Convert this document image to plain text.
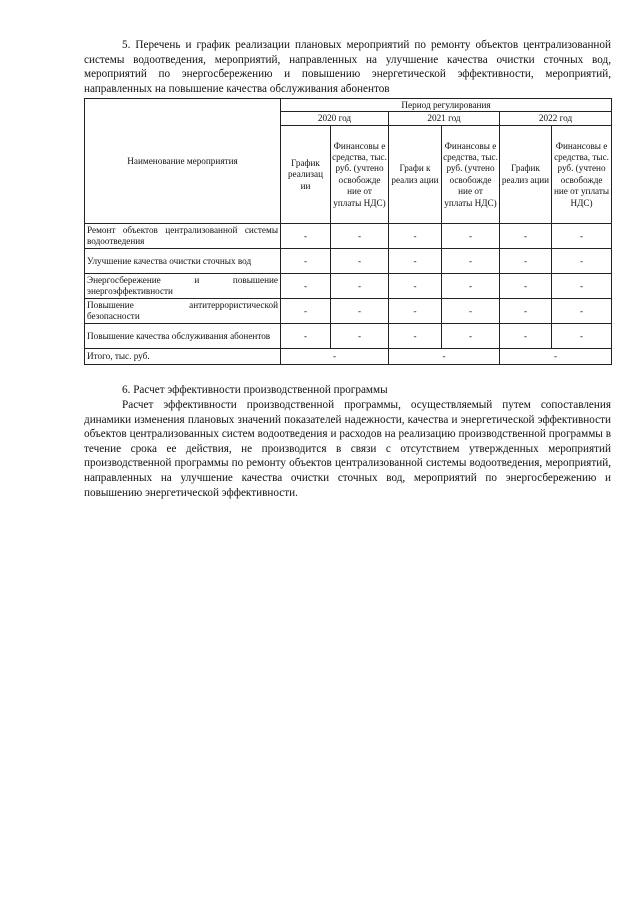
5. Перечень и график реализации плановых мероприятий по ремонту объектов централизованной системы водоотведения, мероприятий, направленных на улучшение качества очистки сточных вод, мероприятий по энергосбережению и повышению энергетической эффективности, мероприятий, направленных на повышение качества обслуживания абонентов

Наименование мероприятия	Период регулирования					
	2020 год		2021 год		2022 год	
	График реализац ии	Финансовы е средства, тыс. руб. (учтено освобожде ние от уплаты НДС)	Графи к реализ ации	Финансовы е средства, тыс. руб. (учтено освобожде ние от уплаты НДС)	График реализ ации	Финансовы е средства, тыс. руб. (учтено освобожде ние от уплаты НДС)
Ремонт объектов централизованной системы водоотведения	-	-	-	-	-	-
Улучшение качества очистки сточных вод	-	-	-	-	-	-
Энергосбережение и повышение энергоэффективности	-	-	-	-	-	-
Повышение антитеррористической безопасности	-	-	-	-	-	-
Повышение качества обслуживания абонентов	-	-	-	-	-	-
Итого, тыс. руб.	-		-		-	

6. Расчет эффективности производственной программы

Расчет эффективности производственной программы, осуществляемый путем сопоставления динамики изменения плановых значений показателей надежности, качества и энергетической эффективности объектов централизованных систем водоотведения и расходов на реализацию производственной программы в течение срока ее действия, не производится в связи с отсутствием утвержденных мероприятий производственной программы по ремонту объектов централизованной системы водоотведения, мероприятий, направленных на улучшение качества очистки сточных вод, мероприятий по энергосбережению и повышению энергетической эффективности.
